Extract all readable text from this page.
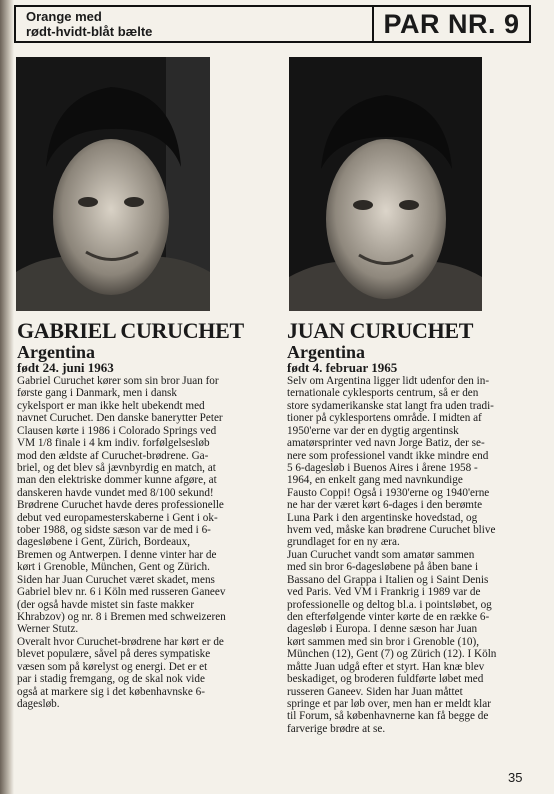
Orange med
rødt-hvidt-blåt bælte	PAR NR. 9
GABRIEL CURUCHET
Argentina
født 24. juni 1963
Gabriel Curuchet kører som sin bror Juan for
første gang i Danmark, men i dansk
cykelsport er man ikke helt ubekendt med
navnet Curuchet. Den danske banerytter Peter
Clausen kørte i 1986 i Colorado Springs ved
VM 1/8 finale i 4 km indiv. forfølgelsesløb
mod den ældste af Curuchet-brødrene. Ga-
briel, og det blev så jævnbyrdig en match, at
man den elektriske dommer kunne afgøre, at
danskeren havde vundet med 8/100 sekund!
Brødrene Curuchet havde deres professionelle
debut ved europamesterskaberne i Gent i ok-
tober 1988, og sidste sæson var de med i 6-
dagesløbene i Gent, Zürich, Bordeaux,
Bremen og Antwerpen. I denne vinter har de
kørt i Grenoble, München, Gent og Zürich.
Siden har Juan Curuchet været skadet, mens
Gabriel blev nr. 6 i Köln med russeren Ganeev
(der også havde mistet sin faste makker
Khrabzov) og nr. 8 i Bremen med schweizeren
Werner Stutz.
Overalt hvor Curuchet-brødrene har kørt er de
blevet populære, såvel på deres sympatiske
væsen som på kørelyst og energi. Det er et
par i stadig fremgang, og de skal nok vide
også at markere sig i det københavnske 6-
dagesløb.
JUAN CURUCHET
Argentina
født 4. februar 1965
Selv om Argentina ligger lidt udenfor den in-
ternationale cyklesports centrum, så er den
store sydamerikanske stat langt fra uden tradi-
tioner på cyklesportens område. I midten af
1950'erne var der en dygtig argentinsk
amatørsprinter ved navn Jorge Batiz, der se-
nere som professionel vandt ikke mindre end
5 6-dagesløb i Buenos Aires i årene 1958 -
1964, en enkelt gang med navnkundige
Fausto Coppi! Også i 1930'erne og 1940'erne
ne har der været kørt 6-dages i den berømte
Luna Park i den argentinske hovedstad, og
hvem ved, måske kan brødrene Curuchet blive
grundlaget for en ny æra.
Juan Curuchet vandt som amatør sammen
med sin bror 6-dagesløbene på åben bane i
Bassano del Grappa i Italien og i Saint Denis
ved Paris. Ved VM i Frankrig i 1989 var de
professionelle og deltog bl.a. i pointsløbet, og
den efterfølgende vinter kørte de en række 6-
dagesløb i Europa. I denne sæson har Juan
kørt sammen med sin bror i Grenoble (10),
München (12), Gent (7) og Zürich (12). I Köln
måtte Juan udgå efter et styrt. Han knæ blev
beskadiget, og broderen fuldførte løbet med
russeren Ganeev. Siden har Juan måttet
springe et par løb over, men han er meldt klar
til Forum, så københavnerne kan få begge de
farverige brødre at se.
35
